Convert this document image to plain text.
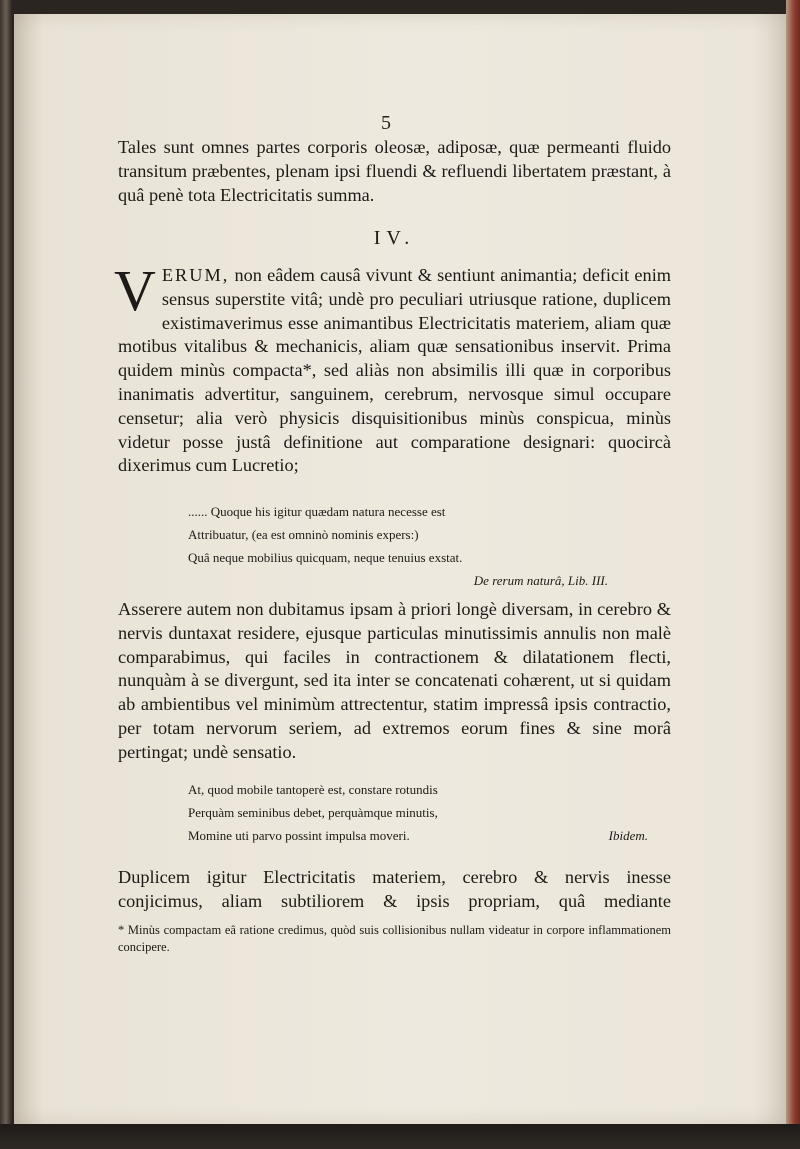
5

Tales sunt omnes partes corporis oleosæ, adiposæ, quæ permeanti fluido transitum præbentes, plenam ipsi fluendi & refluendi libertatem præstant, à quâ penè tota Electricitatis summa.

IV.

VERUM, non eâdem causâ vivunt & sentiunt animantia; deficit enim sensus superstite vitâ; undè pro peculiari utriusque ratione, duplicem existimaverimus esse animantibus Electricitatis materiem, aliam quæ motibus vitalibus & mechanicis, aliam quæ sensationibus inservit. Prima quidem minùs compacta*, sed aliàs non absimilis illi quæ in corporibus inanimatis advertitur, sanguinem, cerebrum, nervosque simul occupare censetur; alia verò physicis disquisitionibus minùs conspicua, minùs videtur posse justâ definitione aut comparatione designari: quocircà dixerimus cum Lucretio;

...... Quoque his igitur quædam natura necesse est
Attribuatur, (ea est omninò nominis expers:)
Quâ neque mobilius quicquam, neque tenuius exstat.
De rerum naturâ, Lib. III.

Asserere autem non dubitamus ipsam à priori longè diversam, in cerebro & nervis duntaxat residere, ejusque particulas minutissimis annulis non malè comparabimus, qui faciles in contractionem & dilatationem flecti, nunquàm à se divergunt, sed ita inter se concatenati cohærent, ut si quidam ab ambientibus vel minimùm attrectentur, statim impressâ ipsis contractio, per totam nervorum seriem, ad extremos eorum fines & sine morâ pertingat; undè sensatio.

At, quod mobile tantoperè est, constare rotundis
Perquàm seminibus debet, perquàmque minutis,
Momine uti parvo possint impulsa moveri.	Ibidem.

Duplicem igitur Electricitatis materiem, cerebro & nervis inesse conjicimus, aliam subtiliorem & ipsis propriam, quâ mediante

* Minùs compactam eâ ratione credimus, quòd suis collisionibus nullam videatur in corpore inflammationem concipere.
